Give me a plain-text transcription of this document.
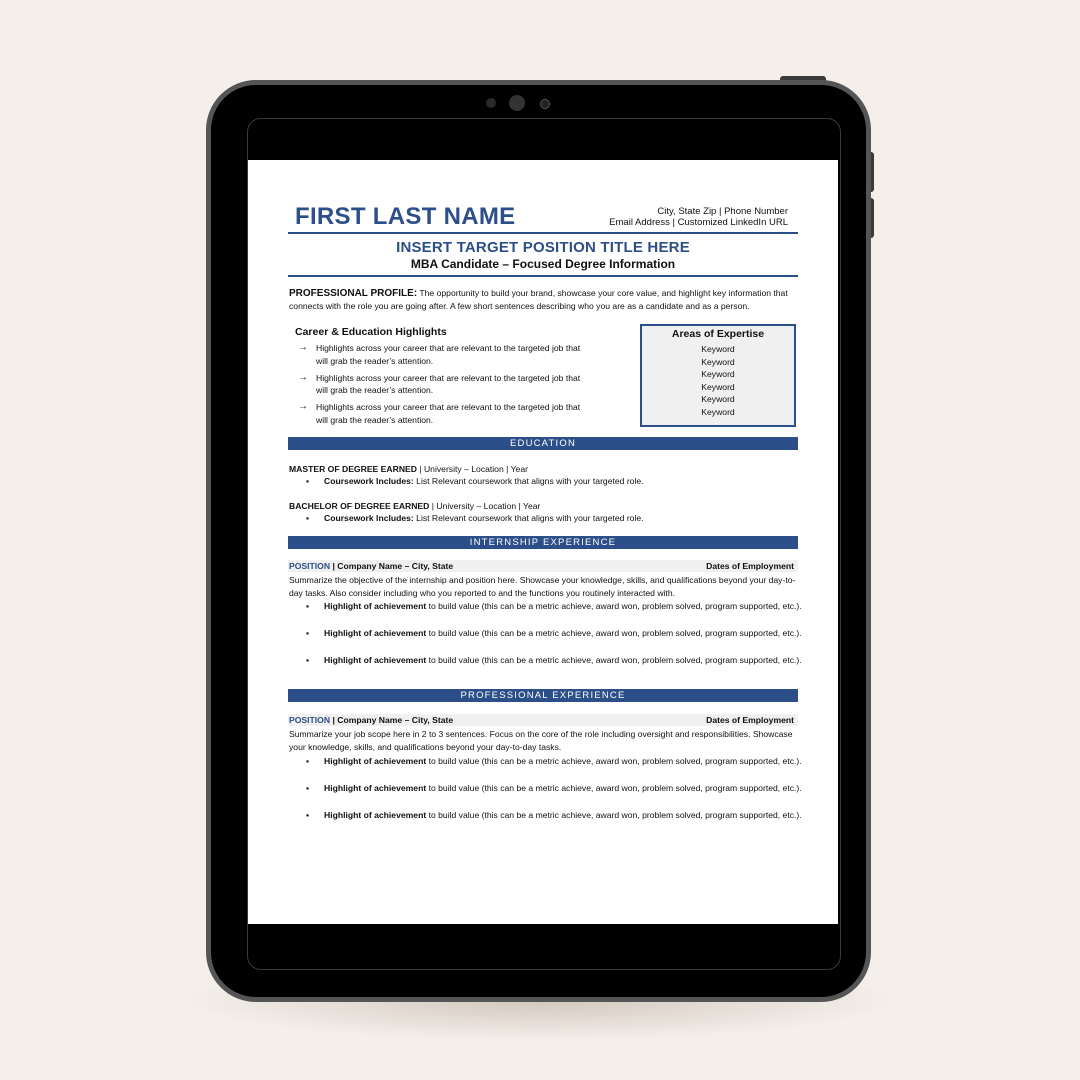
FIRST LAST NAME	City, State Zip | Phone Number
Email Address | Customized LinkedIn URL
INSERT TARGET POSITION TITLE HERE
MBA Candidate – Focused Degree Information
PROFESSIONAL PROFILE: The opportunity to build your brand, showcase your core value, and highlight key information that connects with the role you are going after. A few short sentences describing who you are as a candidate and as a person.
Career & Education Highlights
→ Highlights across your career that are relevant to the targeted job that will grab the reader’s attention.
→ Highlights across your career that are relevant to the targeted job that will grab the reader’s attention.
→ Highlights across your career that are relevant to the targeted job that will grab the reader’s attention.
Areas of Expertise
Keyword
Keyword
Keyword
Keyword
Keyword
Keyword
EDUCATION
MASTER OF DEGREE EARNED | University – Location | Year
▪ Coursework Includes: List Relevant coursework that aligns with your targeted role.
BACHELOR OF DEGREE EARNED | University – Location | Year
▪ Coursework Includes: List Relevant coursework that aligns with your targeted role.
INTERNSHIP EXPERIENCE
POSITION | Company Name – City, State	Dates of Employment
Summarize the objective of the internship and position here. Showcase your knowledge, skills, and qualifications beyond your day-to-day tasks. Also consider including who you reported to and the functions you routinely interacted with.
▪ Highlight of achievement to build value (this can be a metric achieve, award won, problem solved, program supported, etc.).
▪ Highlight of achievement to build value (this can be a metric achieve, award won, problem solved, program supported, etc.).
▪ Highlight of achievement to build value (this can be a metric achieve, award won, problem solved, program supported, etc.).
PROFESSIONAL EXPERIENCE
POSITION | Company Name – City, State	Dates of Employment
Summarize your job scope here in 2 to 3 sentences. Focus on the core of the role including oversight and responsibilities. Showcase your knowledge, skills, and qualifications beyond your day-to-day tasks.
▪ Highlight of achievement to build value (this can be a metric achieve, award won, problem solved, program supported, etc.).
▪ Highlight of achievement to build value (this can be a metric achieve, award won, problem solved, program supported, etc.).
▪ Highlight of achievement to build value (this can be a metric achieve, award won, problem solved, program supported, etc.).
